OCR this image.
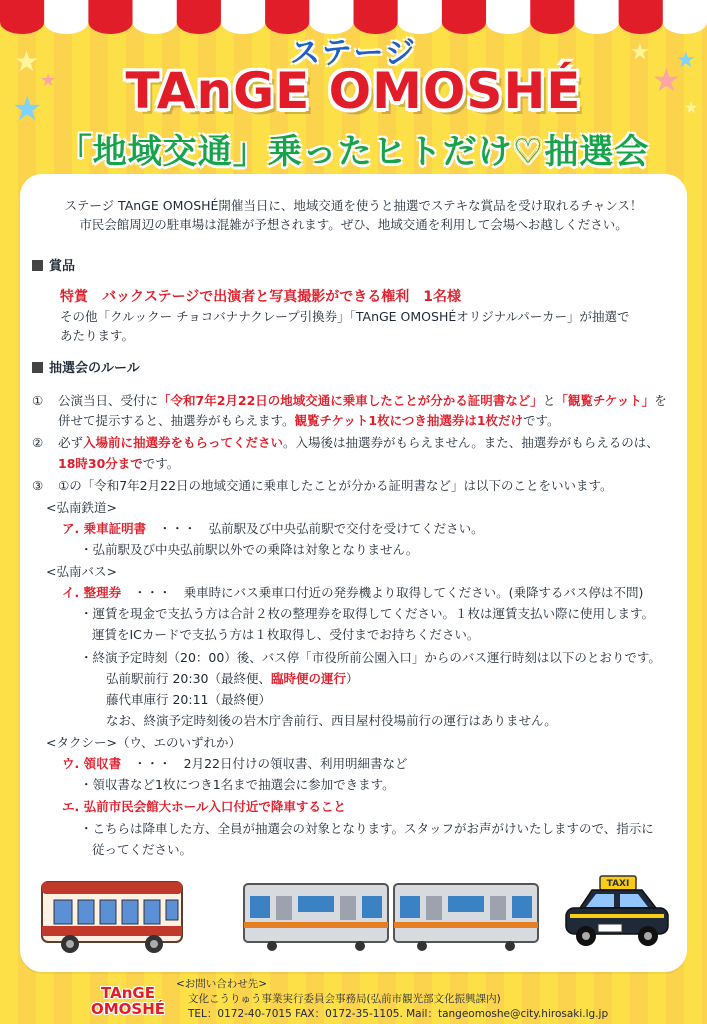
★
★
★
★ ★
★
★
ステージ
TAnGE OMOSHÉ
「地域交通」乗ったヒトだけ♡抽選会
ステージ TAnGE OMOSHÉ開催当日に、地域交通を使うと抽選でステキな賞品を受け取れるチャンス！
市民会館周辺の駐車場は混雑が予想されます。ぜひ、地域交通を利用して会場へお越しください。
賞品
特賞　バックステージで出演者と写真撮影ができる権利　1名様
その他「クルックー チョコバナナクレープ引換券」「TAnGE OMOSHÉオリジナルパーカー」が抽選で
あたります。
抽選会のルール
① 公演当日、受付に「令和7年2月22日の地域交通に乗車したことが分かる証明書など」と「観覧チケット」を
併せて提示すると、抽選券がもらえます。観覧チケット1枚につき抽選券は1枚だけです。
② 必ず入場前に抽選券をもらってください。入場後は抽選券がもらえません。また、抽選券がもらえるのは、
18時30分までです。
③ ①の「令和7年2月22日の地域交通に乗車したことが分かる証明書など」は以下のことをいいます。
<弘南鉄道>
ア. 乗車証明書　 ・・・　弘前駅及び中央弘前駅で交付を受けてください。
・弘前駅及び中央弘前駅以外での乗降は対象となりません。
<弘南バス>
イ. 整理券　 ・・・　乗車時にバス乗車口付近の発券機より取得してください。(乗降するバス停は不問)
・運賃を現金で支払う方は合計２枚の整理券を取得してください。１枚は運賃支払い際に使用します。
運賃をICカードで支払う方は１枚取得し、受付までお持ちください。
・終演予定時刻（20：00）後、バス停「市役所前公園入口」からのバス運行時刻は以下のとおりです。
弘前駅前行 20:30（最終便、臨時便の運行）
藤代車庫行 20:11（最終便）
なお、終演予定時刻後の岩木庁舎前行、西目屋村役場前行の運行はありません。
<タクシー>（ウ、エのいずれか）
ウ. 領収書　 ・・・　2月22日付けの領収書、利用明細書など
・領収書など1枚につき1名まで抽選会に参加できます。
エ. 弘前市民会館大ホール入口付近で降車すること
・こちらは降車した方、全員が抽選会の対象となります。スタッフがお声がけいたしますので、指示に
従ってください。
TAXI
TAnGE
OMOSHÉ
<お問い合わせ先>
文化こうりゅう事業実行委員会事務局(弘前市観光部文化振興課内)
TEL：0172-40-7015 FAX：0172-35-1105. Mail：tangeomoshe@city.hirosaki.lg.jp
